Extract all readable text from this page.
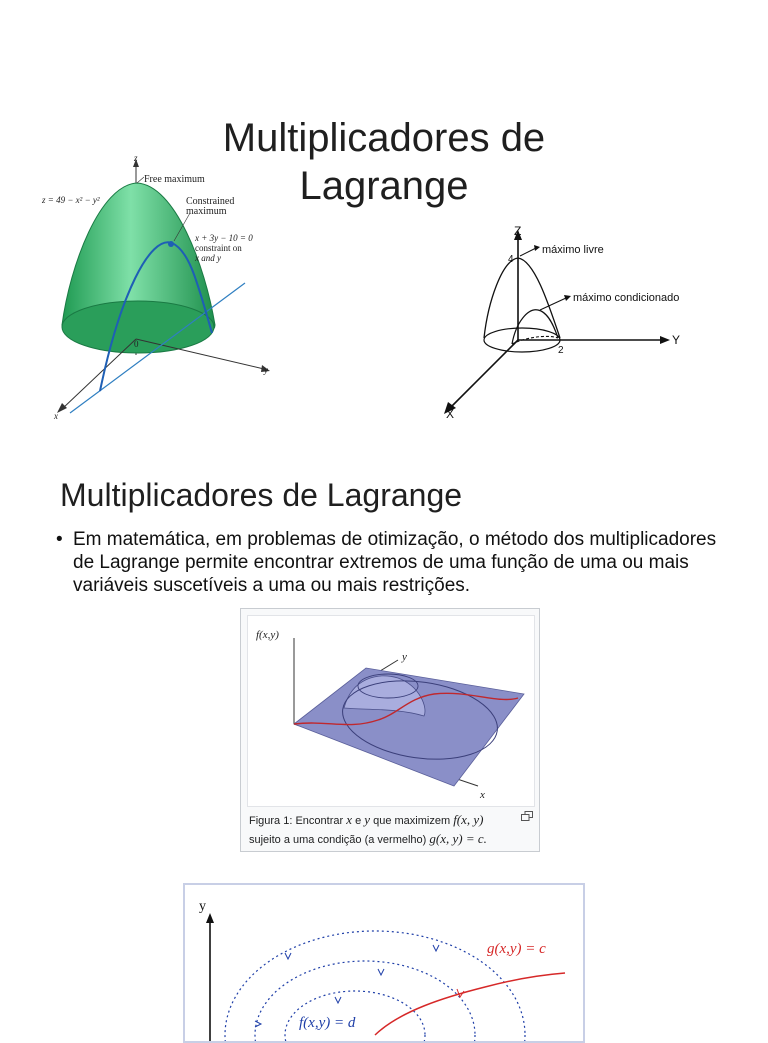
Multiplicadores de
Lagrange
z
Free maximum
z = 49 − x² − y²	Constrained
maximum
x + 3y − 10 = 0
constraint on
x and y
0
y
x
Z
4
máximo livre
máximo condicionado
Y
2
X
Multiplicadores de Lagrange
• Em matemática, em problemas de otimização, o método dos multiplicadores de Lagrange permite encontrar extremos de uma função de uma ou mais variáveis suscetíveis a uma ou mais restrições.
f(x,y)
y
x
Figura 1: Encontrar x e y que maximizem f(x, y)
sujeito a uma condição (a vermelho) g(x, y) = c.
y
g(x,y) = c
f(x,y) = d
